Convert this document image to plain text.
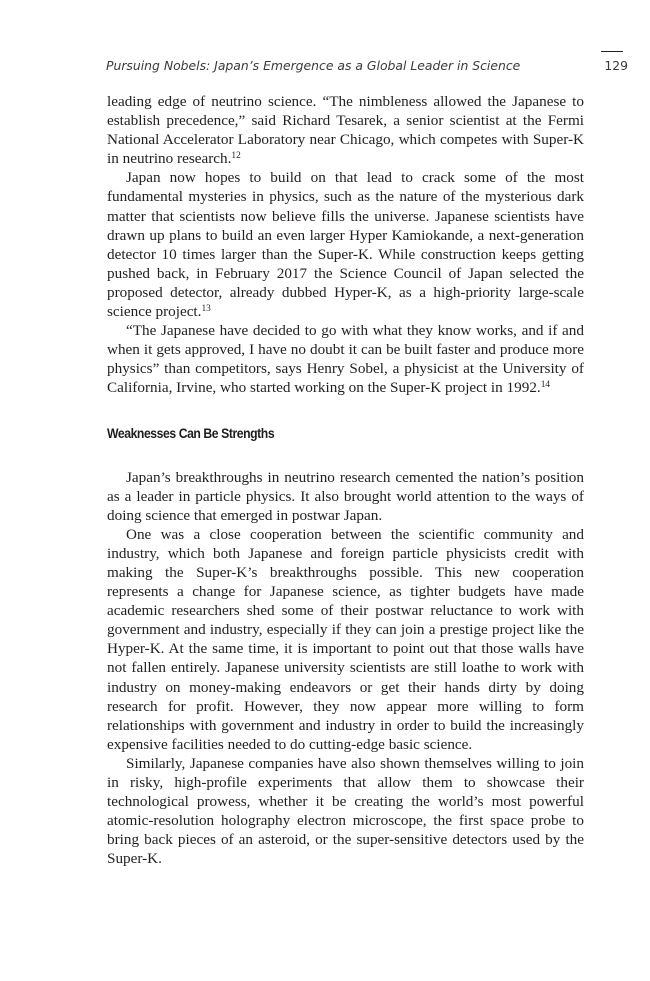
Pursuing Nobels: Japan’s Emergence as a Global Leader in Science	129

leading edge of neutrino science. “The nimbleness allowed the Japanese to establish precedence,” said Richard Tesarek, a senior scientist at the Fermi National Accelerator Laboratory near Chicago, which competes with Super-K in neutrino research.$^{12}$

Japan now hopes to build on that lead to crack some of the most fundamental mysteries in physics, such as the nature of the mysterious dark matter that scientists now believe fills the universe. Japanese scientists have drawn up plans to build an even larger Hyper Kamiokande, a next-generation detector 10 times larger than the Super-K. While construction keeps getting pushed back, in February 2017 the Science Council of Japan selected the proposed detector, already dubbed Hyper-K, as a high-priority large-scale science project.$^{13}$

“The Japanese have decided to go with what they know works, and if and when it gets approved, I have no doubt it can be built faster and produce more physics” than competitors, says Henry Sobel, a physicist at the University of California, Irvine, who started working on the Super-K project in 1992.14

Weaknesses Can Be Strengths

Japan’s breakthroughs in neutrino research cemented the nation’s position as a leader in particle physics. It also brought world attention to the ways of doing science that emerged in postwar Japan.

One was a close cooperation between the scientific community and industry, which both Japanese and foreign particle physicists credit with making the Super-K’s breakthroughs possible. This new cooperation represents a change for Japanese science, as tighter budgets have made academic researchers shed some of their postwar reluctance to work with government and industry, especially if they can join a prestige project like the Hyper-K. At the same time, it is important to point out that those walls have not fallen entirely. Japanese university scientists are still loathe to work with industry on money-making endeavors or get their hands dirty by doing research for profit. However, they now appear more willing to form relationships with government and industry in order to build the increasingly expensive facilities needed to do cutting-edge basic science.

Similarly, Japanese companies have also shown themselves willing to join in risky, high-profile experiments that allow them to showcase their technological prowess, whether it be creating the world’s most powerful atomic-resolution holography electron microscope, the first space probe to bring back pieces of an asteroid, or the super-sensitive detectors used by the Super-K.
